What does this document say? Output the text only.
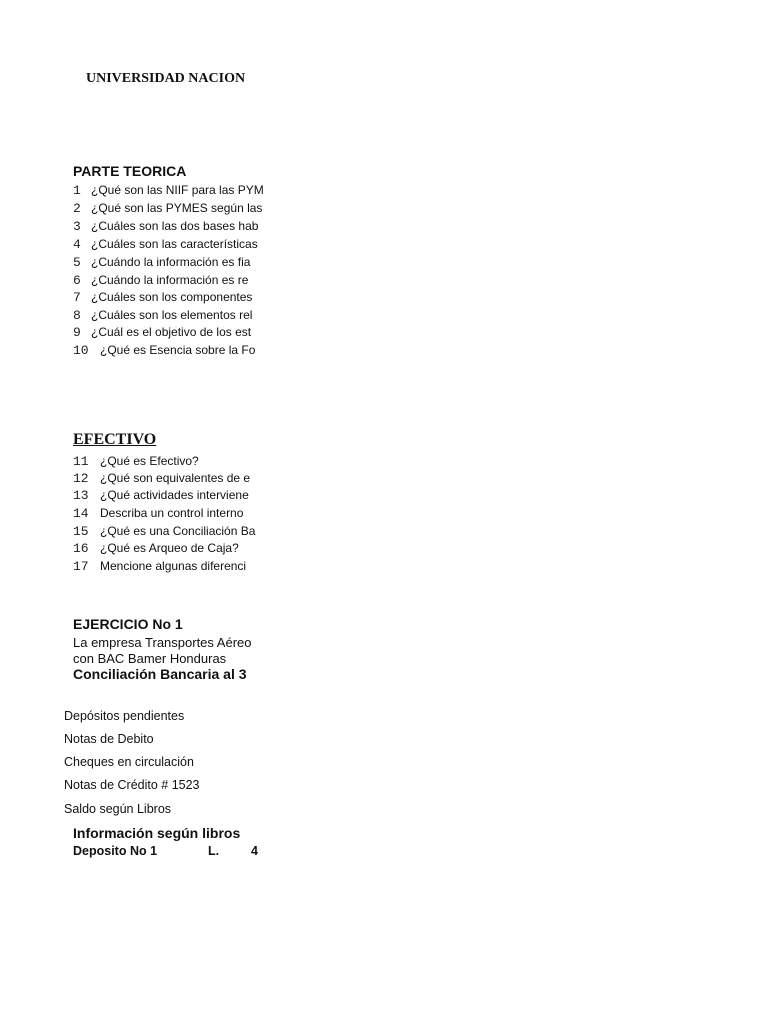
UNIVERSIDAD NACION
PARTE TEORICA
1 ¿Qué son las NIIF para las PYM
2 ¿Qué son las PYMES según las
3 ¿Cuáles son las dos bases hab
4 ¿Cuáles son las características
5 ¿Cuándo la información es fia
6 ¿Cuándo la información es re
7 ¿Cuáles son los componentes
8 ¿Cuáles son los elementos rel
9 ¿Cuál es el objetivo de los est
10 ¿Qué es Esencia sobre la Fo
EFECTIVO
11 ¿Qué es Efectivo?
12 ¿Qué son equivalentes de e
13 ¿Qué actividades interviene
14 Describa un control interno
15 ¿Qué es una Conciliación Ba
16 ¿Qué es Arqueo de Caja?
17 Mencione algunas diferenci
EJERCICIO No 1
La empresa Transportes Aéreo
con BAC Bamer Honduras
Conciliación Bancaria al 3
Depósitos pendientes
Notas de Debito
Cheques en circulación
Notas de Crédito # 1523
Saldo según Libros
Información según libros
Deposito No 1	L.	4
